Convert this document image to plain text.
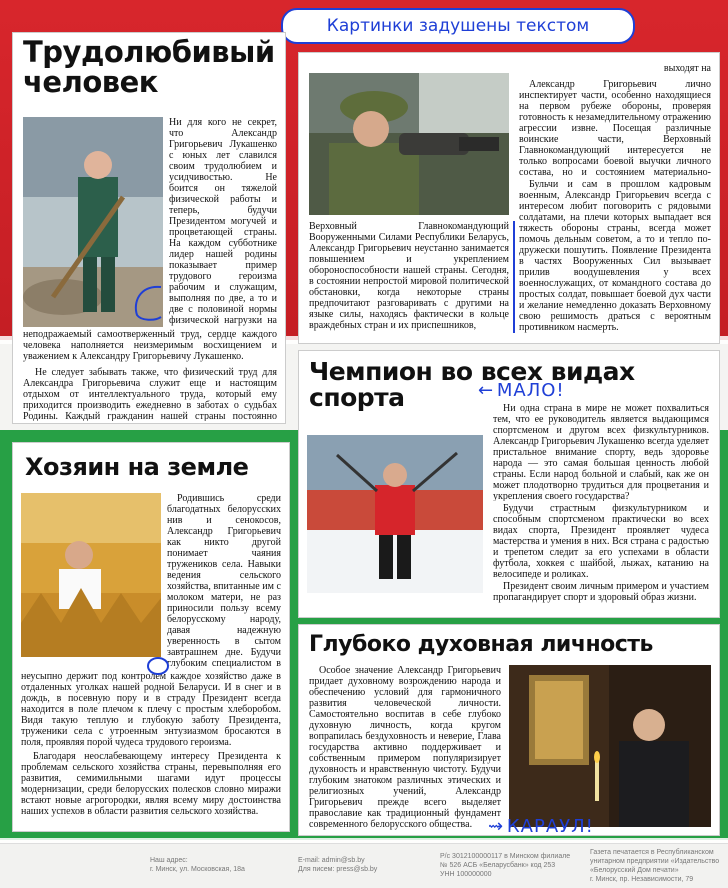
Картинки задушены текстом
Трудолюбивый
человек

Ни для кого не секрет, что Александр Григорьевич Лукашенко с юных лет славился своим трудолюбием и усидчивостью. Не боится он тяжелой физической работы и теперь, будучи Президентом могучей и процветающей страны. На каждом субботнике лидер нашей родины показывает пример трудового героизма рабочим и служащим, выполняя по две, а то и две с половиной нормы физической нагрузки на

неподражаемый самоотверженный труд, сердце каждого человека наполняется неизмеримым восхищением и уважением к Александру Григорьевичу Лукашенко.

Не следует забывать также, что физический труд для Александра Григорьевича служит еще и настоящим отдыхом от интеллектуального труда, который ему приходится производить ежедневно в заботах о судьбах Родины. Каждый гражданин нашей страны постоянно

выходят на

Верховный Главнокомандующий Вооруженными Силами Республики Беларусь, Александр Григорьевич неустанно занимается повышением и укреплением обороноспособности нашей страны. Сегодня, в состоянии непростой мировой политической обстановки, когда некоторые страны предпочитают разговаривать с другими на языке силы, находясь фактически в кольце враждебных стран и их приспешников,

Александр Григорьевич лично инспектирует части, особенно находящиеся на первом рубеже обороны, проверяя готовность к незамедлительному отражению агрессии извне. Посещая различные воинские части, Верховный Главнокомандующий интересуется не только вопросами боевой выучки личного состава, но и состоянием материально-

Бульчи и сам в прошлом кадровым военным, Александр Григорьевич всегда с интересом любит поговорить с рядовыми солдатами, на плечи которых выпадает вся тяжесть обороны страны, всегда может помочь дельным советом, а то и тепло по-дружески пошутить. Появление Президента в частях Вооруженных Сил вызывает прилив воодушевления у всех военнослужащих, от командного состава до простых солдат, повышает боевой дух части и желание немедленно доказать Верховному свою решимость драться с вероятным противником насмерть.

Чемпион во всех видах
спорта	Ни одна страна в мире не может похвалиться тем, что ее руководитель является выдающимся спортсменом и другом всех физкультурников. Александр Григорьевич Лукашенко всегда уделяет пристальное внимание спорту, ведь здоровье народа — это самая большая ценность любой страны. Если народ больной и слабый, как же он может плодотворно трудиться для процветания и укрепления своего государства?

Будучи страстным физкультурником и способным спортсменом практически во всех видах спорта, Президент проявляет чудеса мастерства и умения в них. Вся страна с радостью и трепетом следит за его успехами в области футбола, хоккея с шайбой, лыжах, катанию на велосипеде и роликах.

Президент своим личным примером и участием пропагандирует спорт и здоровый образ жизни.

← МАЛО!
Хозяин на земле

Родившись среди благодатных белорусских нив и сенокосов, Александр Григорьевич как никто другой понимает чаяния тружеников села. Навыки ведения сельского хозяйства, впитанные им с молоком матери, не раз приносили пользу всему белорусскому народу, давая надежную уверенность в сытом завтрашнем дне. Будучи глубоким специалистом в

неусыпно держит под контролем каждое хозяйство даже в отдаленных уголках нашей родной Беларуси. И в снег и в дождь, в посевную пору и в страду Президент всегда находится в поле плечом к плечу с простым хлеборобом. Видя такую теплую и глубокую заботу Президента, труженики села с утроенным энтузиазмом бросаются в поля, проявляя порой чудеса трудового героизма.

Благодаря неослабевающему интересу Президента к проблемам сельского хозяйства страны, перевыполняя его развития, семимильными шагами идут процессы модернизации, среди белорусских полесков словно миражи встают новые агрогородки, являя всему миру достоинства наших успехов в области развития сельского хозяйства.

Глубоко духовная личность

Особое значение Александр Григорьевич придает духовному возрождению народа и обеспечению условий для гармоничного развития человеческой личности. Самостоятельно воспитав в себе глубоко духовную личность, когда кругом вопрапилась бездуховность и неверие, Глава государства активно поддерживает и собственным примером популяризирует духовность и нравственную чистоту. Будучи глубоким знатоком различных этических и религиозных учений, Александр Григорьевич прежде всего выделяет православие как традиционный фундамент современного белорусского общества. ⇝ КАРАУЛ!

Наш адрес:
г. Минск, ул. Московская, 18а

E-mail: admin@sb.by
Для писем: press@sb.by

Р/с 3012100000117 в Минском филиале
№ 526 АСБ «Беларусбанк» код 253
УНН 100000000

Газета печатается в Республиканском
унитарном предприятии «Издательство
«Белорусский Дом печати»
г. Минск, пр. Независимости, 79
